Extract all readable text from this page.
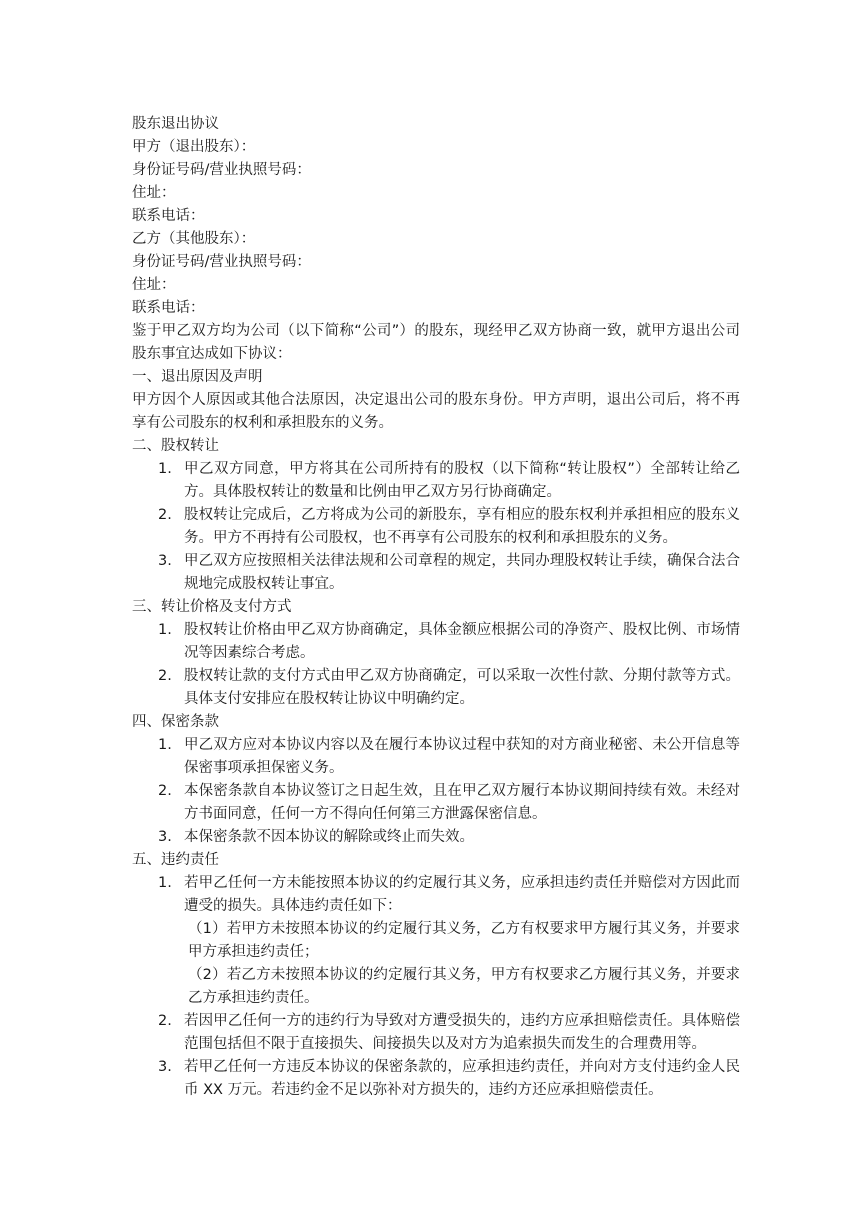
股东退出协议

甲方（退出股东）：

身份证号码/营业执照号码：

住址：

联系电话：

乙方（其他股东）：

身份证号码/营业执照号码：

住址：

联系电话：

鉴于甲乙双方均为公司（以下简称“公司”）的股东，现经甲乙双方协商一致，就甲方退出公司股东事宜达成如下协议：

一、退出原因及声明

甲方因个人原因或其他合法原因，决定退出公司的股东身份。甲方声明，退出公司后，将不再享有公司股东的权利和承担股东的义务。

二、股权转让

1. 甲乙双方同意，甲方将其在公司所持有的股权（以下简称“转让股权”）全部转让给乙方。具体股权转让的数量和比例由甲乙双方另行协商确定。
2. 股权转让完成后，乙方将成为公司的新股东，享有相应的股东权利并承担相应的股东义务。甲方不再持有公司股权，也不再享有公司股东的权利和承担股东的义务。
3. 甲乙双方应按照相关法律法规和公司章程的规定，共同办理股权转让手续，确保合法合规地完成股权转让事宜。

三、转让价格及支付方式

1. 股权转让价格由甲乙双方协商确定，具体金额应根据公司的净资产、股权比例、市场情况等因素综合考虑。
2. 股权转让款的支付方式由甲乙双方协商确定，可以采取一次性付款、分期付款等方式。具体支付安排应在股权转让协议中明确约定。

四、保密条款

1. 甲乙双方应对本协议内容以及在履行本协议过程中获知的对方商业秘密、未公开信息等保密事项承担保密义务。
2. 本保密条款自本协议签订之日起生效，且在甲乙双方履行本协议期间持续有效。未经对方书面同意，任何一方不得向任何第三方泄露保密信息。
3. 本保密条款不因本协议的解除或终止而失效。

五、违约责任

1. 若甲乙任何一方未能按照本协议的约定履行其义务，应承担违约责任并赔偿对方因此而遭受的损失。具体违约责任如下：

（1）若甲方未按照本协议的约定履行其义务，乙方有权要求甲方履行其义务，并要求甲方承担违约责任；

（2）若乙方未按照本协议的约定履行其义务，甲方有权要求乙方履行其义务，并要求乙方承担违约责任。

2. 若因甲乙任何一方的违约行为导致对方遭受损失的，违约方应承担赔偿责任。具体赔偿范围包括但不限于直接损失、间接损失以及对方为追索损失而发生的合理费用等。
3. 若甲乙任何一方违反本协议的保密条款的，应承担违约责任，并向对方支付违约金人民币 XX 万元。若违约金不足以弥补对方损失的，违约方还应承担赔偿责任。
